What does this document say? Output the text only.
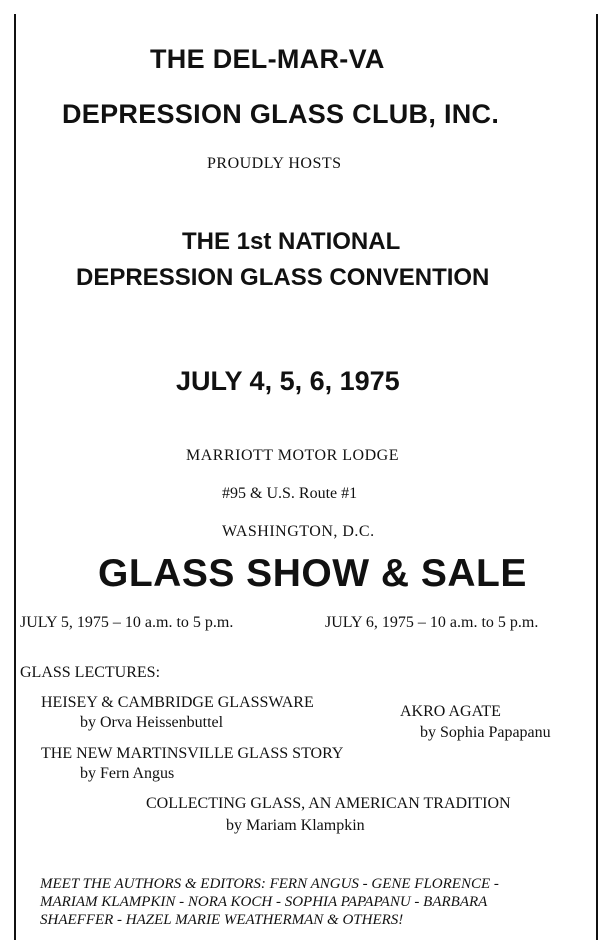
THE DEL-MAR-VA

DEPRESSION GLASS CLUB, INC.

PROUDLY HOSTS

THE 1st NATIONAL

DEPRESSION GLASS CONVENTION

JULY 4, 5, 6, 1975

MARRIOTT MOTOR LODGE

#95 & U.S. Route #1

WASHINGTON, D.C.

GLASS SHOW & SALE

JULY 5, 1975 – 10 a.m. to 5 p.m.	JULY 6, 1975 – 10 a.m. to 5 p.m.

GLASS LECTURES:

HEISEY & CAMBRIDGE GLASSWARE

by Orva Heissenbuttel

AKRO AGATE

by Sophia Papapanu

THE NEW MARTINSVILLE GLASS STORY

by Fern Angus

COLLECTING GLASS, AN AMERICAN TRADITION

by Mariam Klampkin

MEET THE AUTHORS & EDITORS: FERN ANGUS - GENE FLORENCE -

MARIAM KLAMPKIN - NORA KOCH - SOPHIA PAPAPANU - BARBARA

SHAEFFER - HAZEL MARIE WEATHERMAN & OTHERS!
